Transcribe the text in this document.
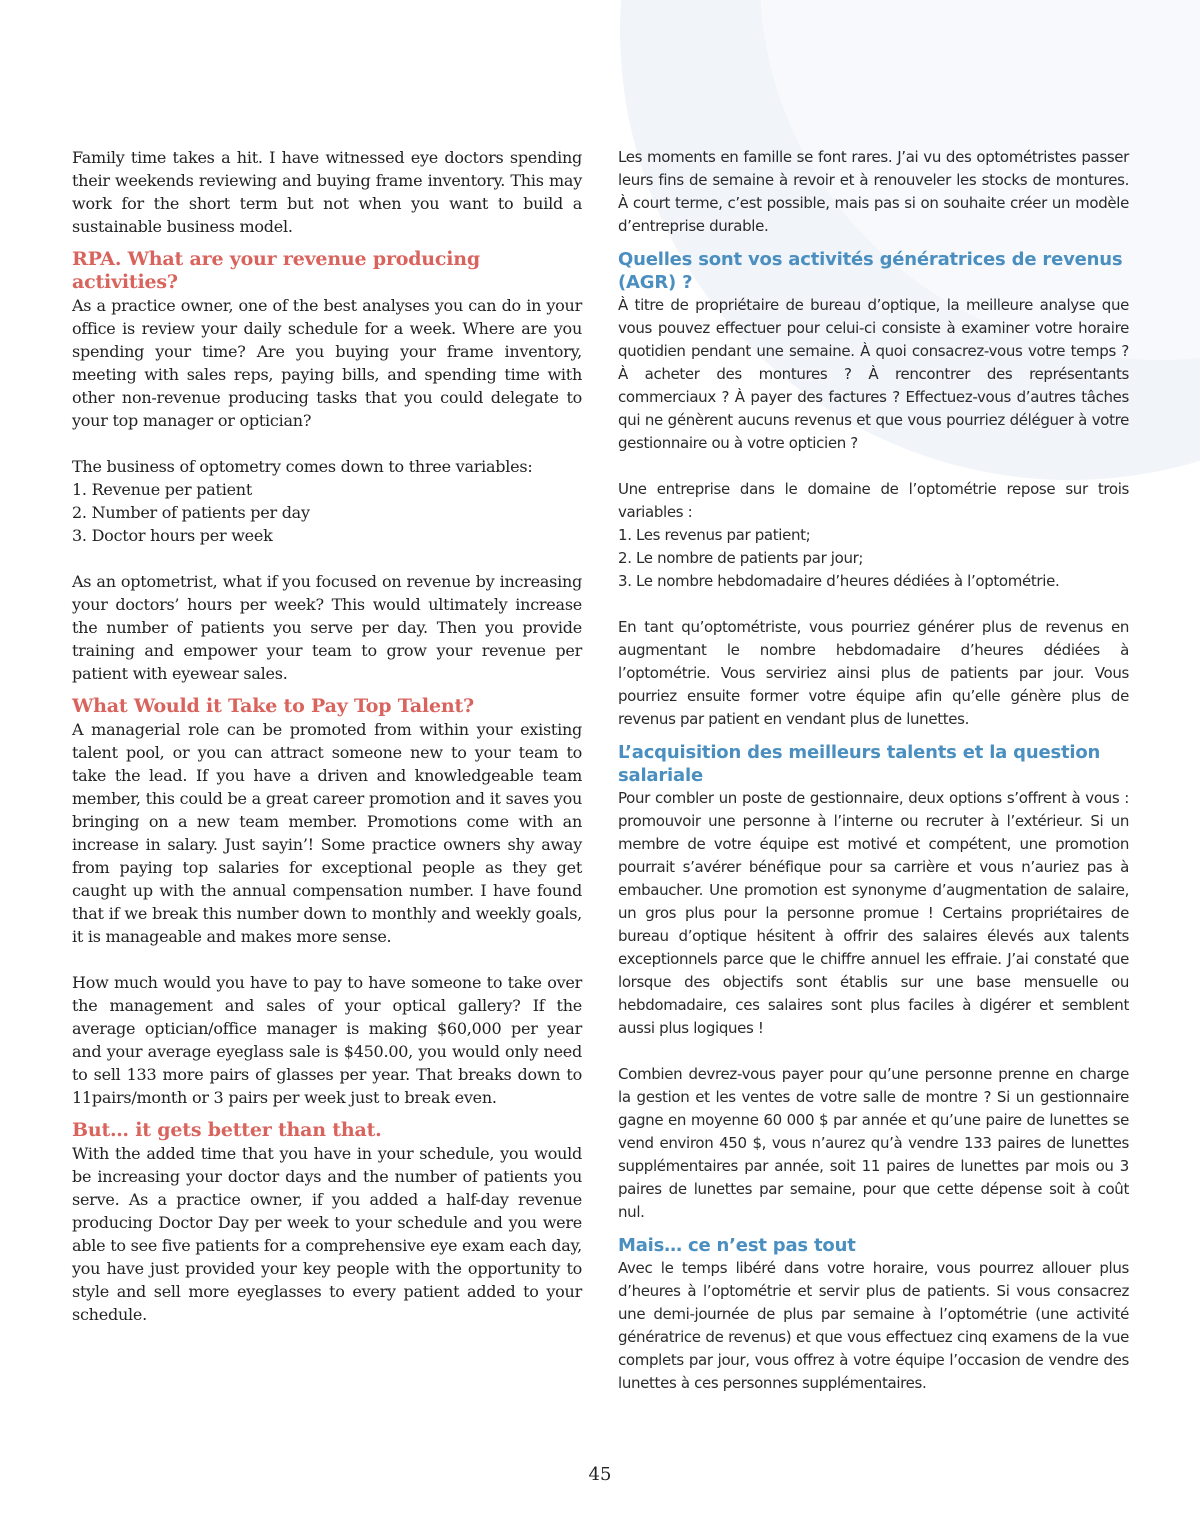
Family time takes a hit. I have witnessed eye doctors spending their weekends reviewing and buying frame inventory. This may work for the short term but not when you want to build a sustainable business model.

RPA. What are your revenue producing activities?

As a practice owner, one of the best analyses you can do in your office is review your daily schedule for a week. Where are you spending your time? Are you buying your frame inventory, meeting with sales reps, paying bills, and spending time with other non-revenue producing tasks that you could delegate to your top manager or optician?

The business of optometry comes down to three variables:

1. Revenue per patient
2. Number of patients per day
3. Doctor hours per week

As an optometrist, what if you focused on revenue by increasing your doctors’ hours per week? This would ultimately increase the number of patients you serve per day. Then you provide training and empower your team to grow your revenue per patient with eyewear sales.

What Would it Take to Pay Top Talent?

A managerial role can be promoted from within your existing talent pool, or you can attract someone new to your team to take the lead. If you have a driven and knowledgeable team member, this could be a great career promotion and it saves you bringing on a new team member. Promotions come with an increase in salary. Just sayin’! Some practice owners shy away from paying top salaries for exceptional people as they get caught up with the annual compensation number. I have found that if we break this number down to monthly and weekly goals, it is manageable and makes more sense.

How much would you have to pay to have someone to take over the management and sales of your optical gallery? If the average optician/office manager is making $60,000 per year and your average eyeglass sale is $450.00, you would only need to sell 133 more pairs of glasses per year. That breaks down to 11pairs/month or 3 pairs per week just to break even.

But… it gets better than that.

With the added time that you have in your schedule, you would be increasing your doctor days and the number of patients you serve. As a practice owner, if you added a half-day revenue producing Doctor Day per week to your schedule and you were able to see five patients for a comprehensive eye exam each day, you have just provided your key people with the opportunity to style and sell more eyeglasses to every patient added to your schedule.

Les moments en famille se font rares. J’ai vu des optométristes passer leurs fins de semaine à revoir et à renouveler les stocks de montures. À court terme, c’est possible, mais pas si on souhaite créer un modèle d’entreprise durable.

Quelles sont vos activités génératrices de revenus (AGR) ?

À titre de propriétaire de bureau d’optique, la meilleure analyse que vous pouvez effectuer pour celui-ci consiste à examiner votre horaire quotidien pendant une semaine. À quoi consacrez-vous votre temps ? À acheter des montures ? À rencontrer des représentants commerciaux ? À payer des factures ? Effectuez-vous d’autres tâches qui ne génèrent aucuns revenus et que vous pourriez déléguer à votre gestionnaire ou à votre opticien ?

Une entreprise dans le domaine de l’optométrie repose sur trois variables :

1. Les revenus par patient;
2. Le nombre de patients par jour;
3. Le nombre hebdomadaire d’heures dédiées à l’optométrie.

En tant qu’optométriste, vous pourriez générer plus de revenus en augmentant le nombre hebdomadaire d’heures dédiées à l’optométrie. Vous serviriez ainsi plus de patients par jour. Vous pourriez ensuite former votre équipe afin qu’elle génère plus de revenus par patient en vendant plus de lunettes.

L’acquisition des meilleurs talents et la question salariale

Pour combler un poste de gestionnaire, deux options s’offrent à vous : promouvoir une personne à l’interne ou recruter à l’extérieur. Si un membre de votre équipe est motivé et compétent, une promotion pourrait s’avérer bénéfique pour sa carrière et vous n’auriez pas à embaucher. Une promotion est synonyme d’augmentation de salaire, un gros plus pour la personne promue ! Certains propriétaires de bureau d’optique hésitent à offrir des salaires élevés aux talents exceptionnels parce que le chiffre annuel les effraie. J’ai constaté que lorsque des objectifs sont établis sur une base mensuelle ou hebdomadaire, ces salaires sont plus faciles à digérer et semblent aussi plus logiques !

Combien devrez-vous payer pour qu’une personne prenne en charge la gestion et les ventes de votre salle de montre ? Si un gestionnaire gagne en moyenne 60 000 $ par année et qu’une paire de lunettes se vend environ 450 $, vous n’aurez qu’à vendre 133 paires de lunettes supplémentaires par année, soit 11 paires de lunettes par mois ou 3 paires de lunettes par semaine, pour que cette dépense soit à coût nul.

Mais… ce n’est pas tout

Avec le temps libéré dans votre horaire, vous pourrez allouer plus d’heures à l’optométrie et servir plus de patients. Si vous consacrez une demi-journée de plus par semaine à l’optométrie (une activité génératrice de revenus) et que vous effectuez cinq examens de la vue complets par jour, vous offrez à votre équipe l’occasion de vendre des lunettes à ces personnes supplémentaires.

45
